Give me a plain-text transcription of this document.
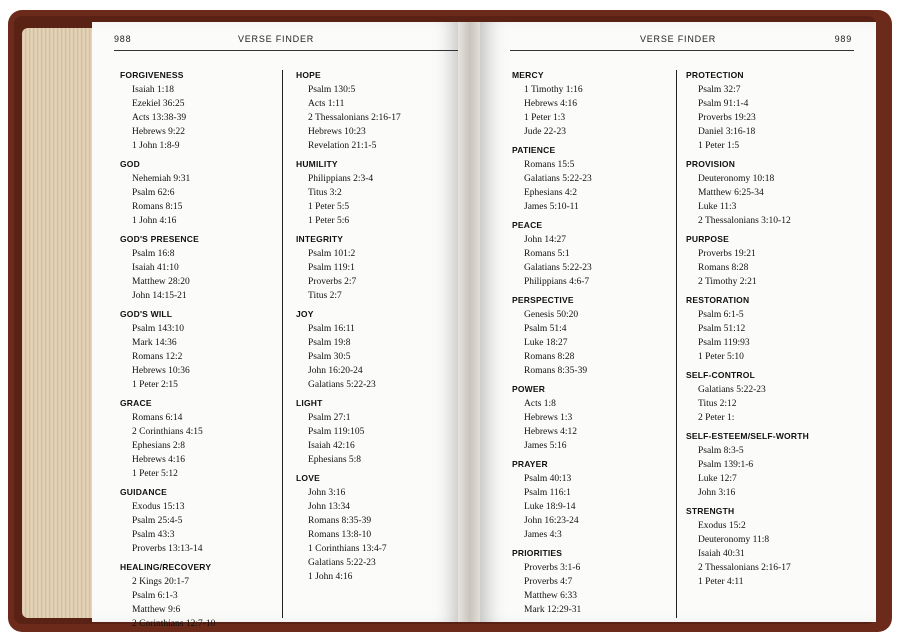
988	VERSE FINDER
FORGIVENESS
Isaiah 1:18
Ezekiel 36:25
Acts 13:38-39
Hebrews 9:22
1 John 1:8-9
GOD
Nehemiah 9:31
Psalm 62:6
Romans 8:15
1 John 4:16
GOD'S PRESENCE
Psalm 16:8
Isaiah 41:10
Matthew 28:20
John 14:15-21
GOD'S WILL
Psalm 143:10
Mark 14:36
Romans 12:2
Hebrews 10:36
1 Peter 2:15
GRACE
Romans 6:14
2 Corinthians 4:15
Ephesians 2:8
Hebrews 4:16
1 Peter 5:12
GUIDANCE
Exodus 15:13
Psalm 25:4-5
Psalm 43:3
Proverbs 13:13-14
HEALING/RECOVERY
2 Kings 20:1-7
Psalm 6:1-3
Matthew 9:6
2 Corinthians 12:7-10
HOPE
Psalm 130:5
Acts 1:11
2 Thessalonians 2:16-17
Hebrews 10:23
Revelation 21:1-5
HUMILITY
Philippians 2:3-4
Titus 3:2
1 Peter 5:5
1 Peter 5:6
INTEGRITY
Psalm 101:2
Psalm 119:1
Proverbs 2:7
Titus 2:7
JOY
Psalm 16:11
Psalm 19:8
Psalm 30:5
John 16:20-24
Galatians 5:22-23
LIGHT
Psalm 27:1
Psalm 119:105
Isaiah 42:16
Ephesians 5:8
LOVE
John 3:16
John 13:34
Romans 8:35-39
Romans 13:8-10
1 Corinthians 13:4-7
Galatians 5:22-23
1 John 4:16
VERSE FINDER	989
MERCY
1 Timothy 1:16
Hebrews 4:16
1 Peter 1:3
Jude 22-23
PATIENCE
Romans 15:5
Galatians 5:22-23
Ephesians 4:2
James 5:10-11
PEACE
John 14:27
Romans 5:1
Galatians 5:22-23
Philippians 4:6-7
PERSPECTIVE
Genesis 50:20
Psalm 51:4
Luke 18:27
Romans 8:28
Romans 8:35-39
POWER
Acts 1:8
Hebrews 1:3
Hebrews 4:12
James 5:16
PRAYER
Psalm 40:13
Psalm 116:1
Luke 18:9-14
John 16:23-24
James 4:3
PRIORITIES
Proverbs 3:1-6
Proverbs 4:7
Matthew 6:33
Mark 12:29-31
PROTECTION
Psalm 32:7
Psalm 91:1-4
Proverbs 19:23
Daniel 3:16-18
1 Peter 1:5
PROVISION
Deuteronomy 10:18
Matthew 6:25-34
Luke 11:3
2 Thessalonians 3:10-12
PURPOSE
Proverbs 19:21
Romans 8:28
2 Timothy 2:21
RESTORATION
Psalm 6:1-5
Psalm 51:12
Psalm 119:93
1 Peter 5:10
SELF-CONTROL
Galatians 5:22-23
Titus 2:12
2 Peter 1:
SELF-ESTEEM/SELF-WORTH
Psalm 8:3-5
Psalm 139:1-6
Luke 12:7
John 3:16
STRENGTH
Exodus 15:2
Deuteronomy 11:8
Isaiah 40:31
2 Thessalonians 2:16-17
1 Peter 4:11
